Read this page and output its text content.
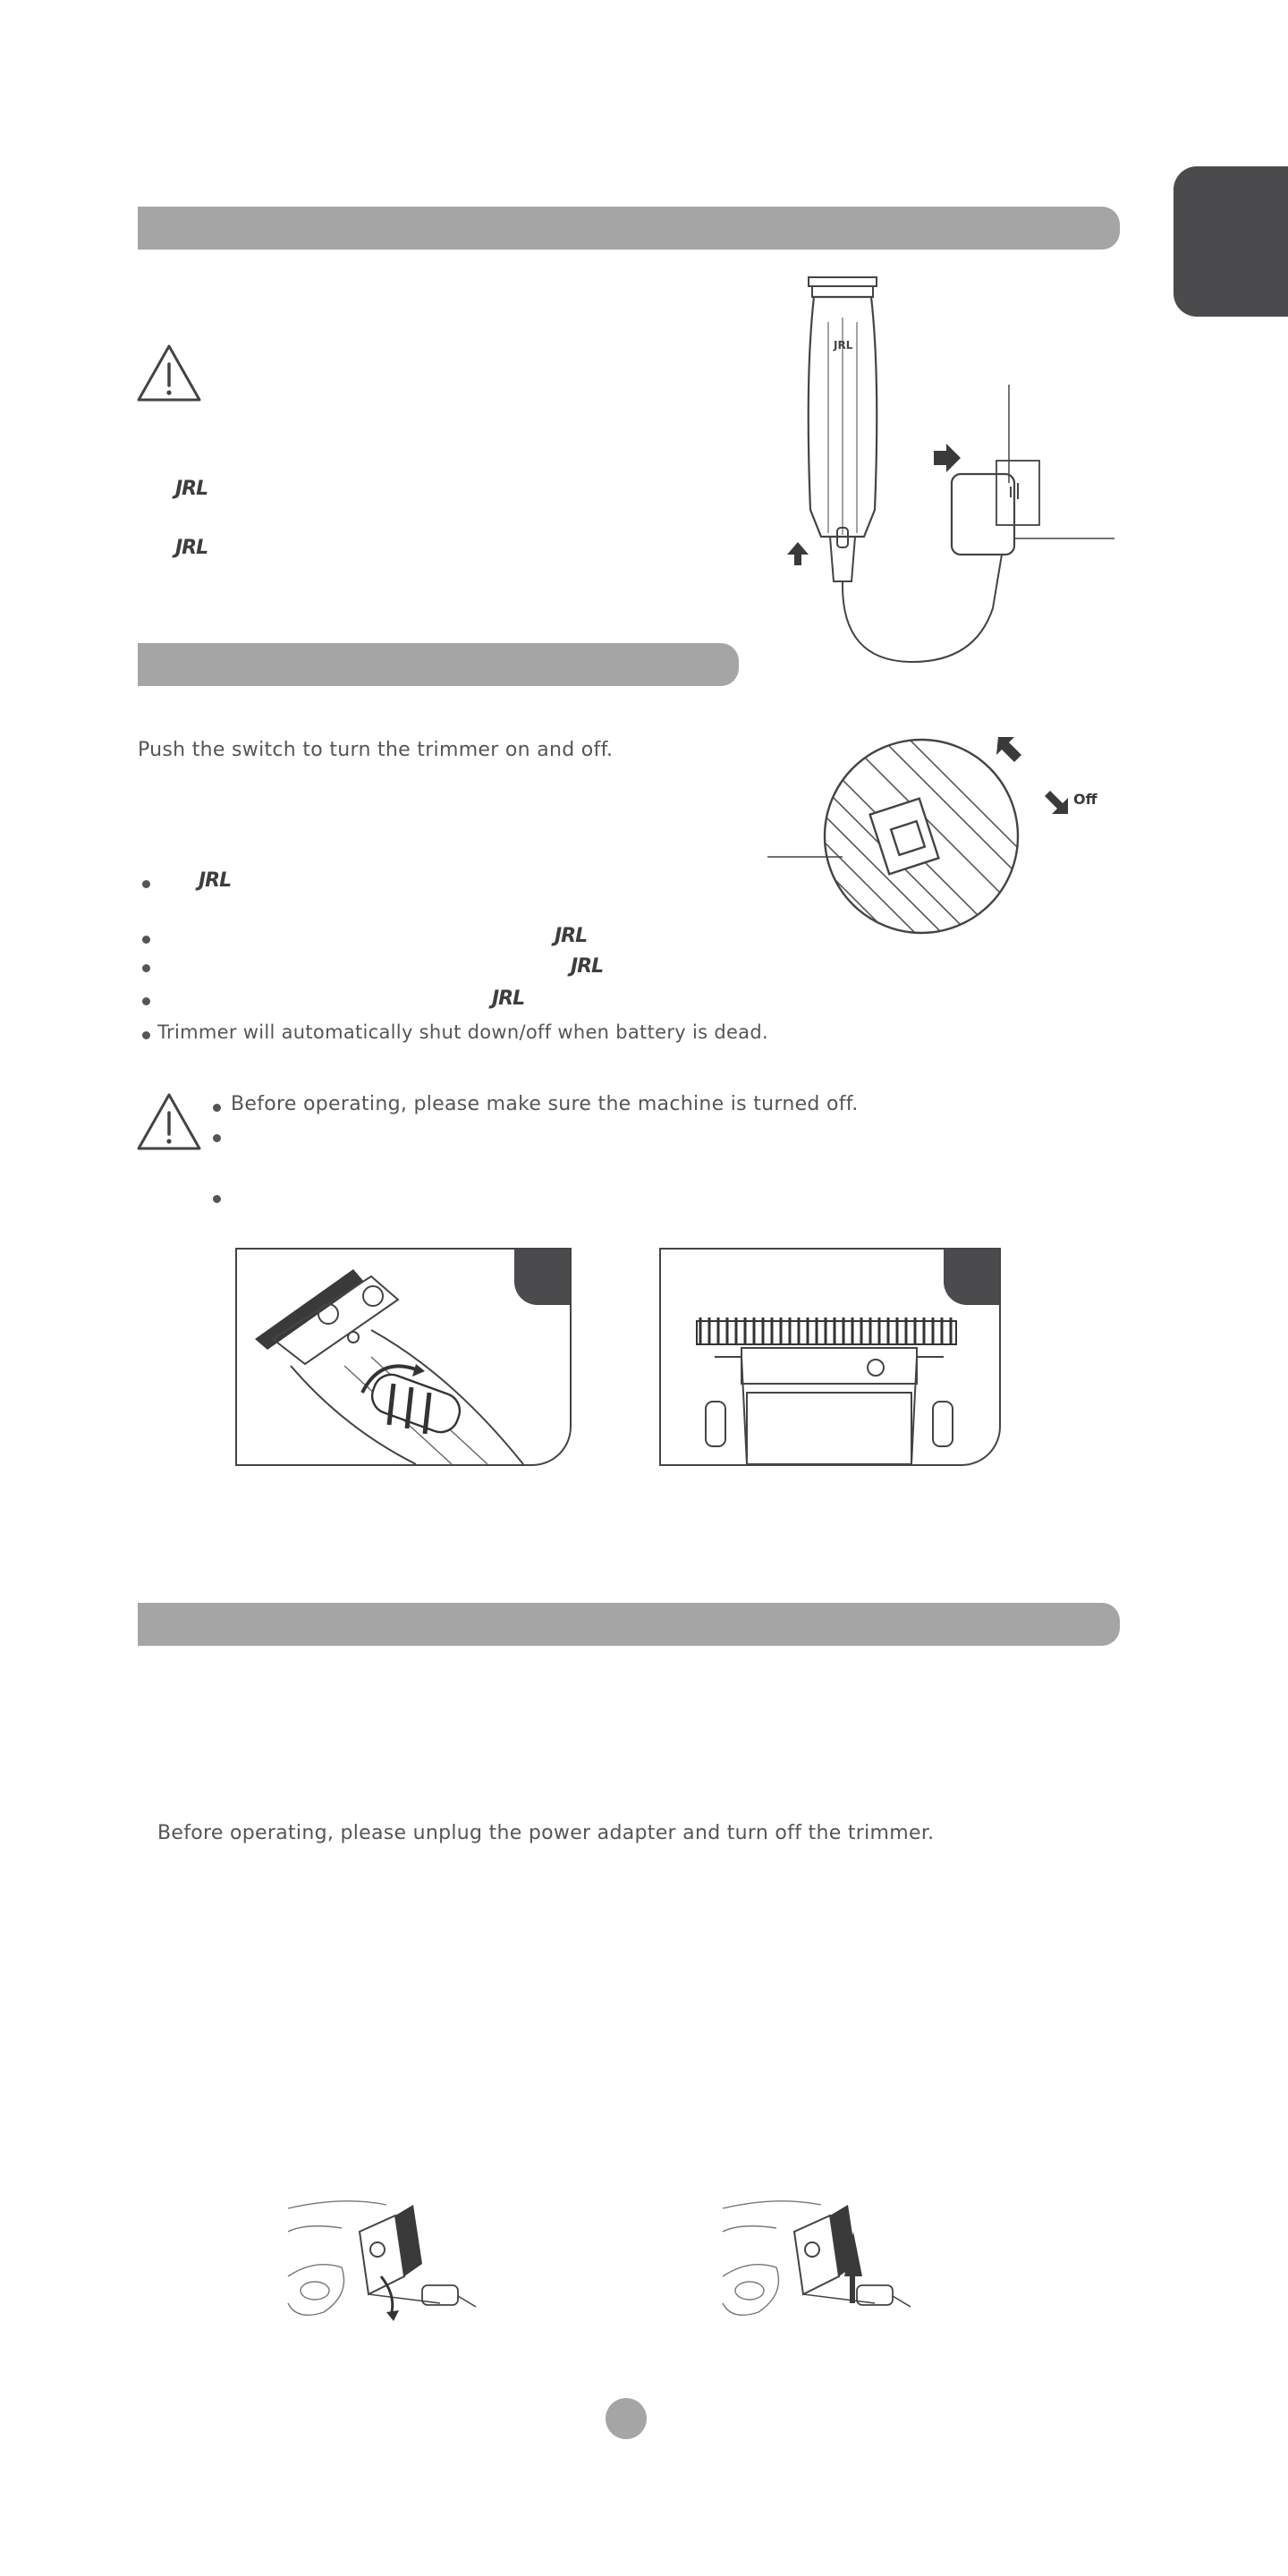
JRL
JRL
JRL
Push the switch to turn the trimmer on and off.
Off
JRL
JRL
JRL
JRL
Trimmer will automatically shut down/off when battery is dead.
Before operating, please make sure the machine is turned off.
Before operating, please unplug the power adapter and turn off the trimmer.
